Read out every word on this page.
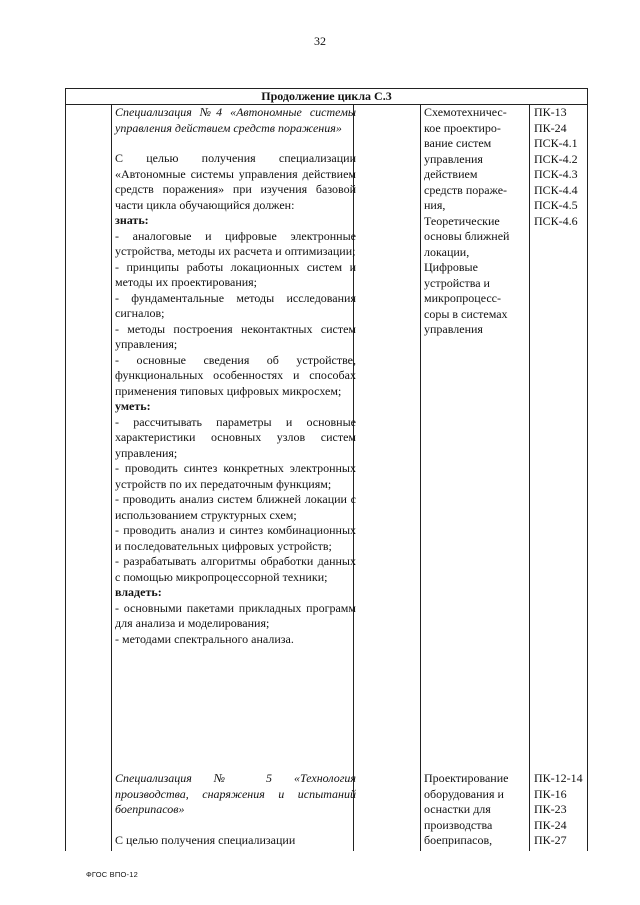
32
Продолжение цикла С.3

Специализация №4 «Автономные системы управления действием средств поражения»

С целью получения специализации «Автономные системы управления действием средств поражения» при изучения базовой части цикла обучающийся должен:

знать:

- аналоговые и цифровые электронные устройства, методы их расчета и оптимизации;

- принципы работы локационных систем и методы их проектирования;

- фундаментальные методы исследования сигналов;

- методы построения неконтактных систем управления;

- основные сведения об устройстве, функциональных особенностях и способах применения типовых цифровых микросхем;

уметь:

- рассчитывать параметры и основные характеристики основных узлов систем управления;

- проводить синтез конкретных электронных устройств по их передаточным функциям;

- проводить анализ систем ближней локации с использованием структурных схем;

- проводить анализ и синтез комбинационных и последовательных цифровых устройств;

- разрабатывать алгоритмы обработки данных с помощью микропроцессорной техники;

владеть:

- основными пакетами прикладных программ для анализа и моделирования;

- методами спектрального анализа.

Схемотехничес-
кое проектиро-
вание систем
управления
действием
средств пораже-
ния,
Теоретические
основы ближней
локации,
Цифровые
устройства и
микропроцесс-
соры в системах
управления
ПК-13
ПК-24
ПСК-4.1
ПСК-4.2
ПСК-4.3
ПСК-4.4
ПСК-4.5
ПСК-4.6

Специализация № 5 «Технология производства, снаряжения и испытаний боеприпасов»

С целью получения специализации

Проектирование
оборудования и
оснастки для
производства
боеприпасов,
ПК-12-14
ПК-16
ПК-23
ПК-24
ПК-27
ФГОС ВПО-12
